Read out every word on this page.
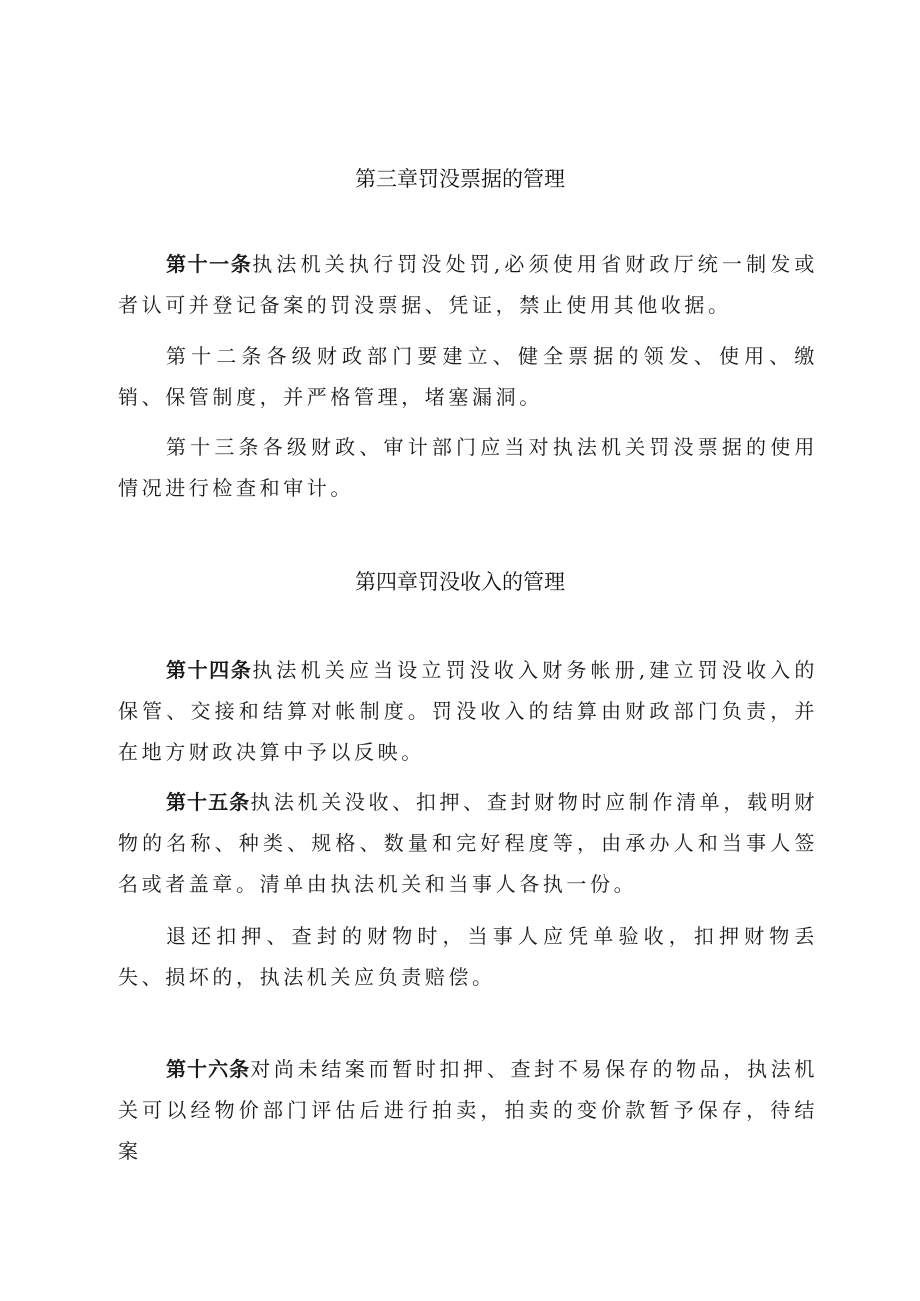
第三章罚没票据的管理

第十一条执法机关执行罚没处罚,必须使用省财政厅统一制发或者认可并登记备案的罚没票据、凭证，禁止使用其他收据。

第十二条各级财政部门要建立、健全票据的领发、使用、缴销、保管制度，并严格管理，堵塞漏洞。

第十三条各级财政、审计部门应当对执法机关罚没票据的使用情况进行检查和审计。

第四章罚没收入的管理

第十四条执法机关应当设立罚没收入财务帐册,建立罚没收入的保管、交接和结算对帐制度。罚没收入的结算由财政部门负责，并在地方财政决算中予以反映。

第十五条执法机关没收、扣押、查封财物时应制作清单，载明财物的名称、种类、规格、数量和完好程度等，由承办人和当事人签名或者盖章。清单由执法机关和当事人各执一份。

退还扣押、查封的财物时，当事人应凭单验收，扣押财物丢失、损坏的，执法机关应负责赔偿。

第十六条对尚未结案而暂时扣押、查封不易保存的物品，执法机关可以经物价部门评估后进行拍卖，拍卖的变价款暂予保存，待结案
